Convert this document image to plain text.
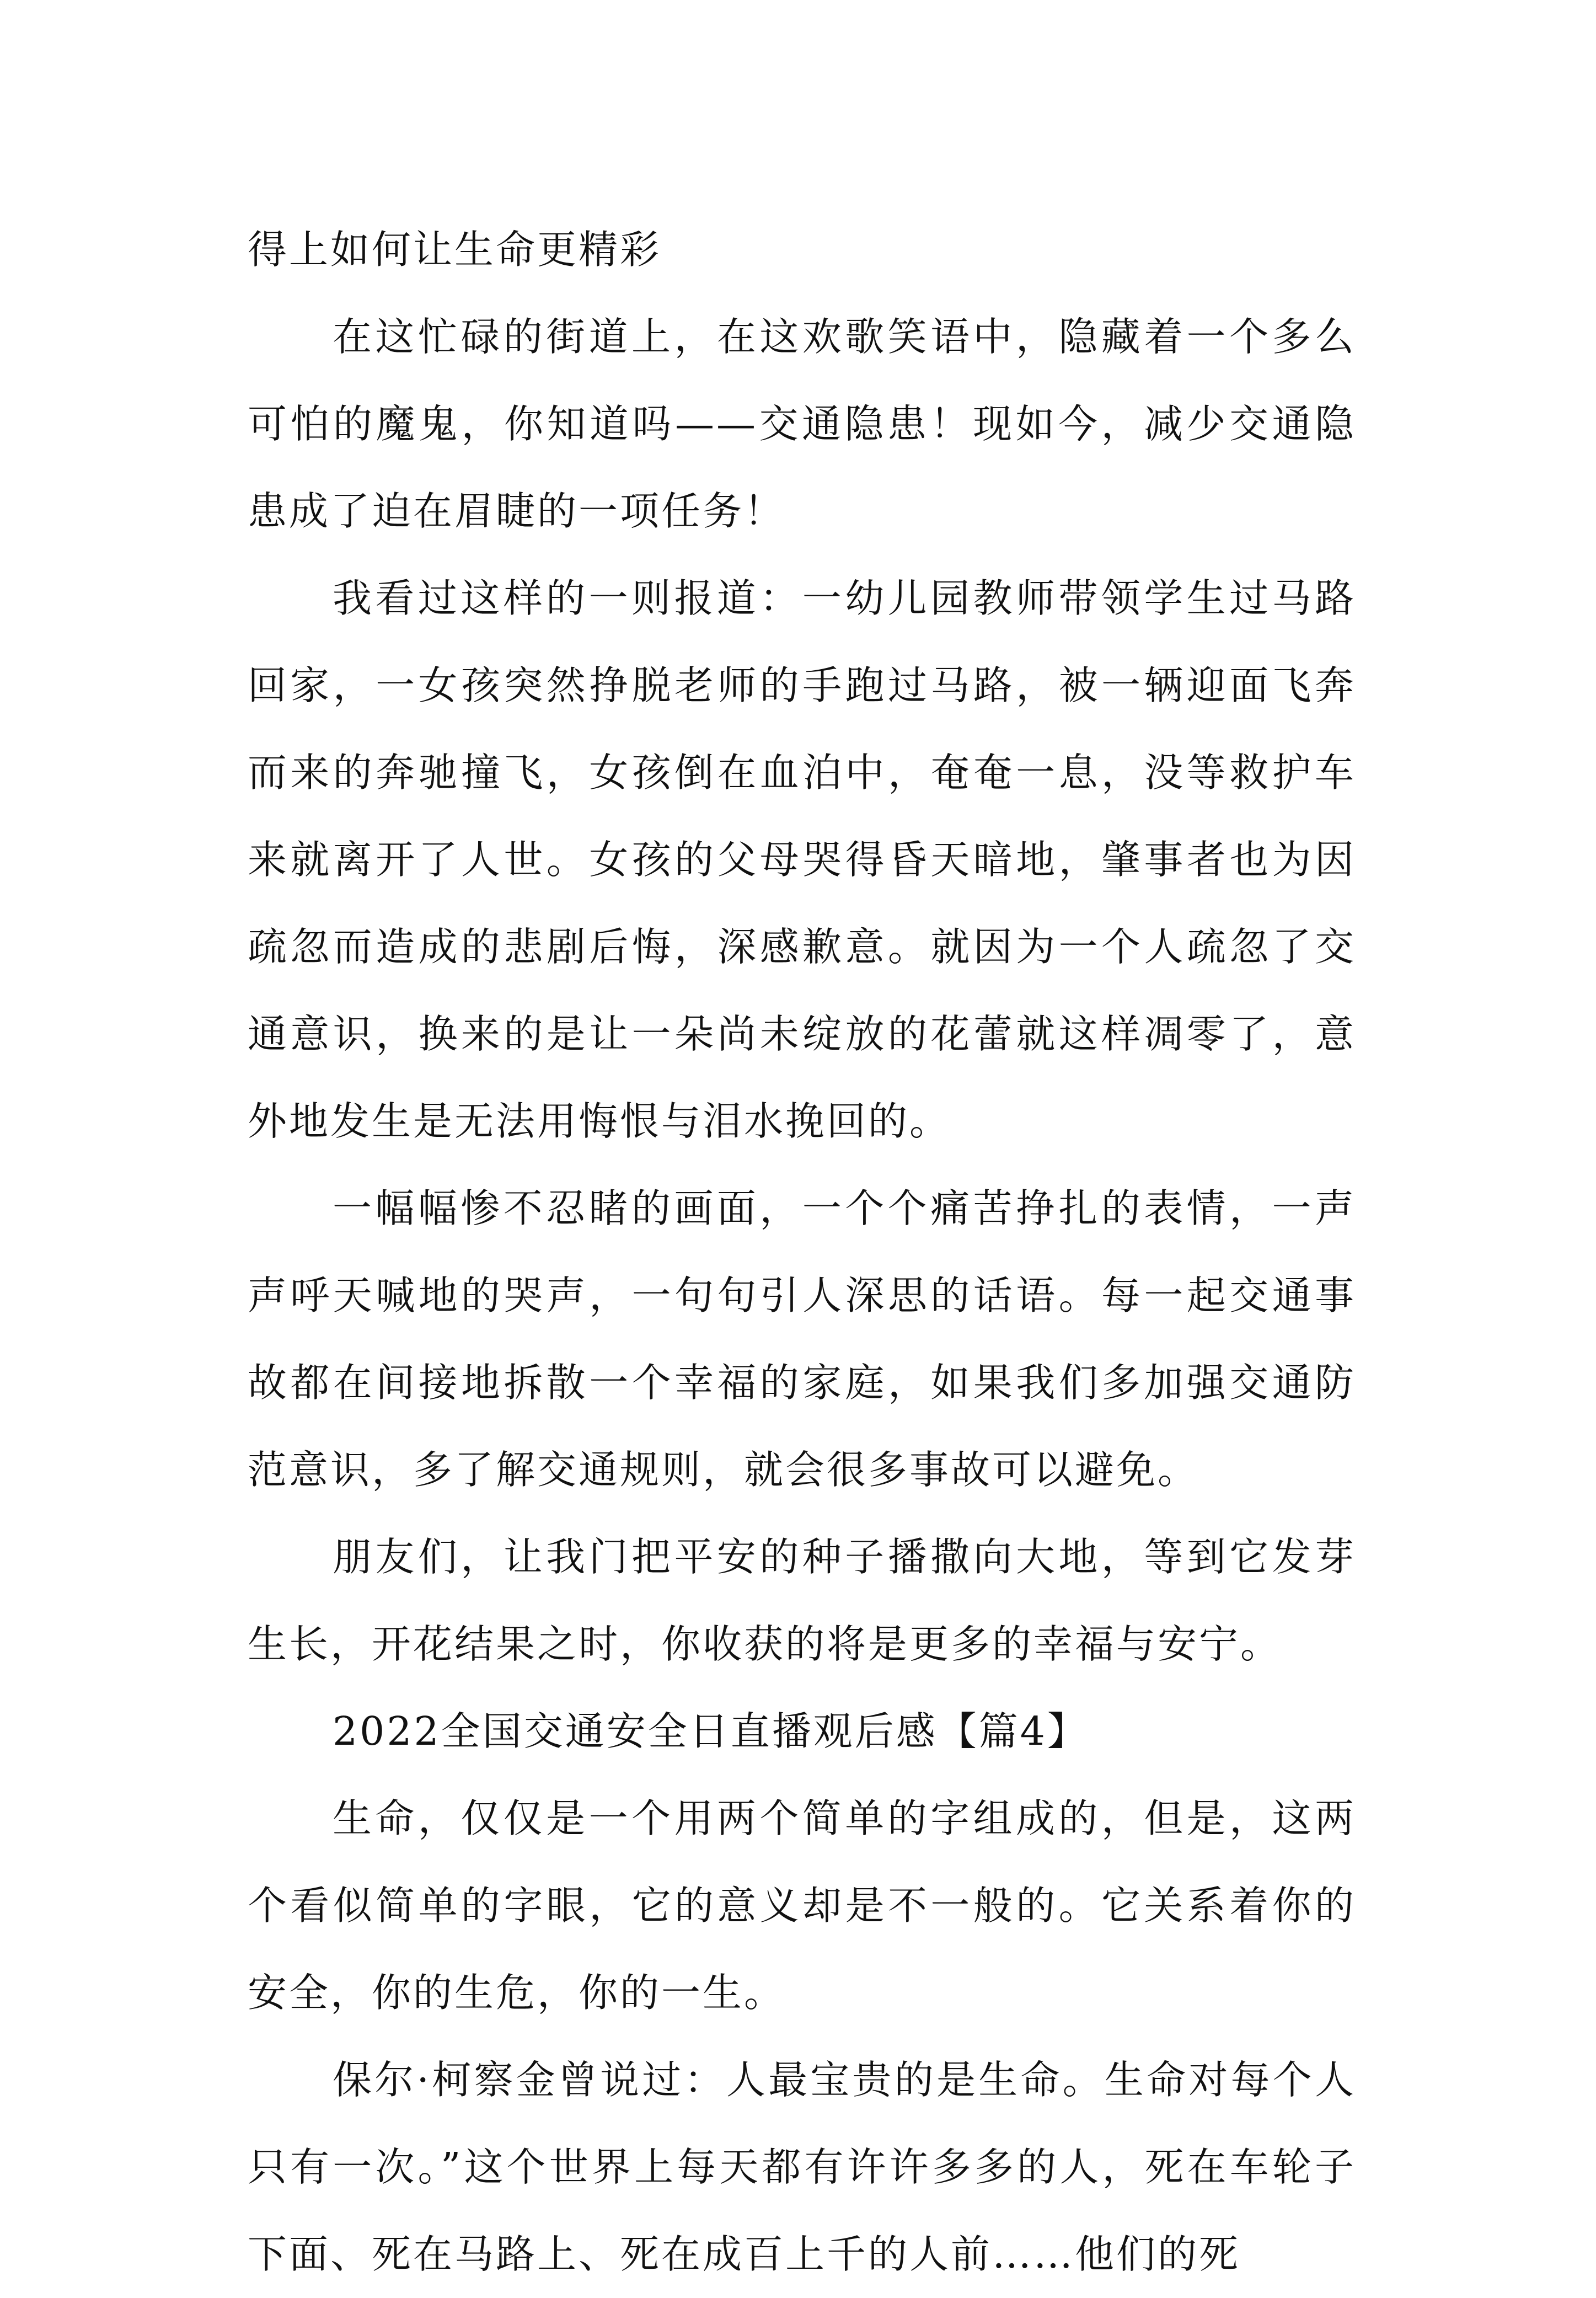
得上如何让生命更精彩

在这忙碌的街道上，在这欢歌笑语中，隐藏着一个多么可怕的魔鬼，你知道吗——交通隐患！现如今，减少交通隐患成了迫在眉睫的一项任务！

我看过这样的一则报道：一幼儿园教师带领学生过马路回家，一女孩突然挣脱老师的手跑过马路，被一辆迎面飞奔而来的奔驰撞飞，女孩倒在血泊中，奄奄一息，没等救护车来就离开了人世。女孩的父母哭得昏天暗地，肇事者也为因疏忽而造成的悲剧后悔，深感歉意。就因为一个人疏忽了交通意识，换来的是让一朵尚未绽放的花蕾就这样凋零了，意外地发生是无法用悔恨与泪水挽回的。

一幅幅惨不忍睹的画面，一个个痛苦挣扎的表情，一声声呼天喊地的哭声，一句句引人深思的话语。每一起交通事故都在间接地拆散一个幸福的家庭，如果我们多加强交通防范意识，多了解交通规则，就会很多事故可以避免。

朋友们，让我门把平安的种子播撒向大地，等到它发芽生长，开花结果之时，你收获的将是更多的幸福与安宁。

2022全国交通安全日直播观后感【篇4】

生命，仅仅是一个用两个简单的字组成的，但是，这两个看似简单的字眼，它的意义却是不一般的。它关系着你的安全，你的生危，你的一生。

保尔·柯察金曾说过：人最宝贵的是生命。生命对每个人只有一次。”这个世界上每天都有许许多多的人，死在车轮子下面、死在马路上、死在成百上千的人前……他们的死
